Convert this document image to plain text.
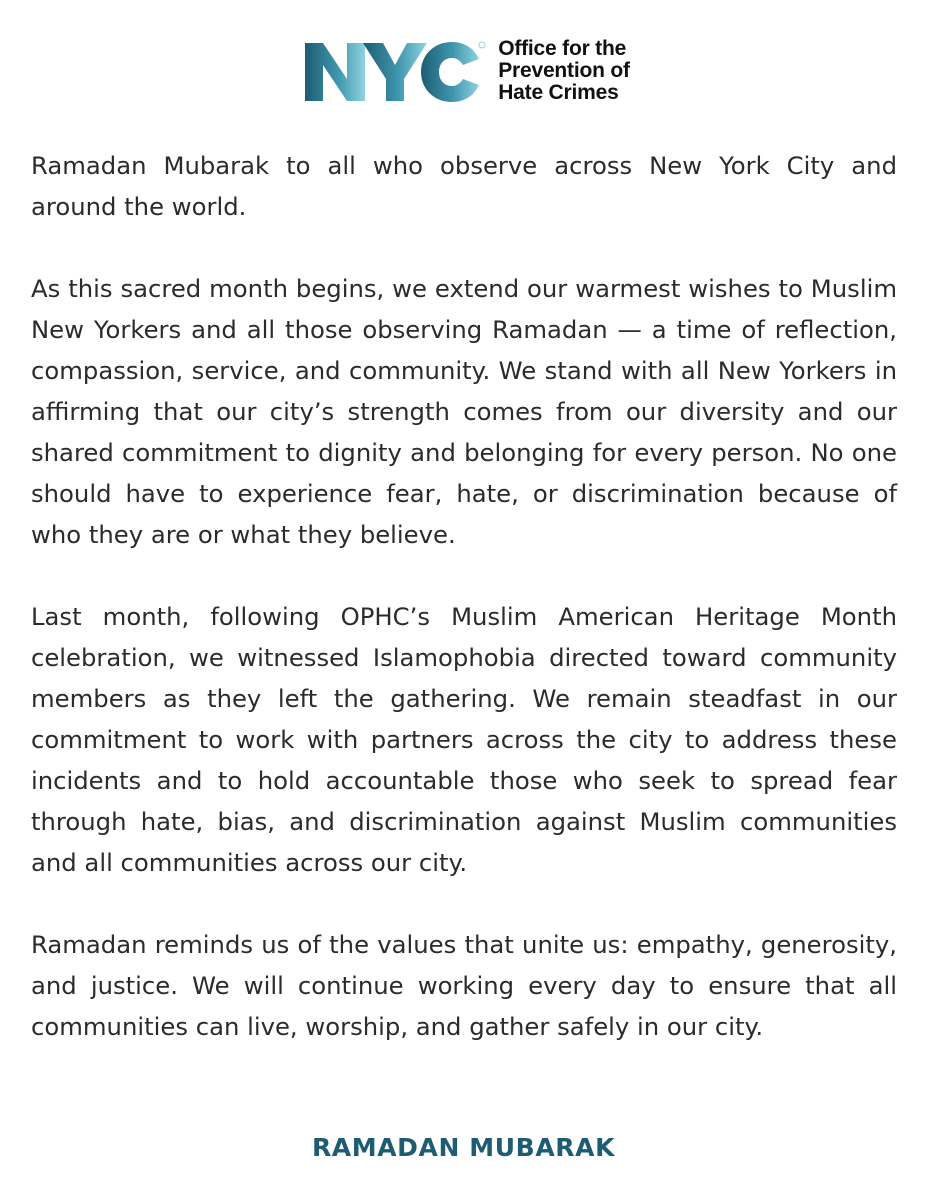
Office for the
Prevention of
Hate Crimes

Ramadan Mubarak to all who observe across New York City and around the world.

As this sacred month begins, we extend our warmest wishes to Muslim New Yorkers and all those observing Ramadan — a time of reflection, compassion, service, and community. We stand with all New Yorkers in affirming that our city’s strength comes from our diversity and our shared commitment to dignity and belonging for every person. No one should have to experience fear, hate, or discrimination because of who they are or what they believe.

Last month, following OPHC’s Muslim American Heritage Month celebration, we witnessed Islamophobia directed toward community members as they left the gathering. We remain steadfast in our commitment to work with partners across the city to address these incidents and to hold accountable those who seek to spread fear through hate, bias, and discrimination against Muslim communities and all communities across our city.

Ramadan reminds us of the values that unite us: empathy, generosity, and justice. We will continue working every day to ensure that all communities can live, worship, and gather safely in our city.

RAMADAN MUBARAK
